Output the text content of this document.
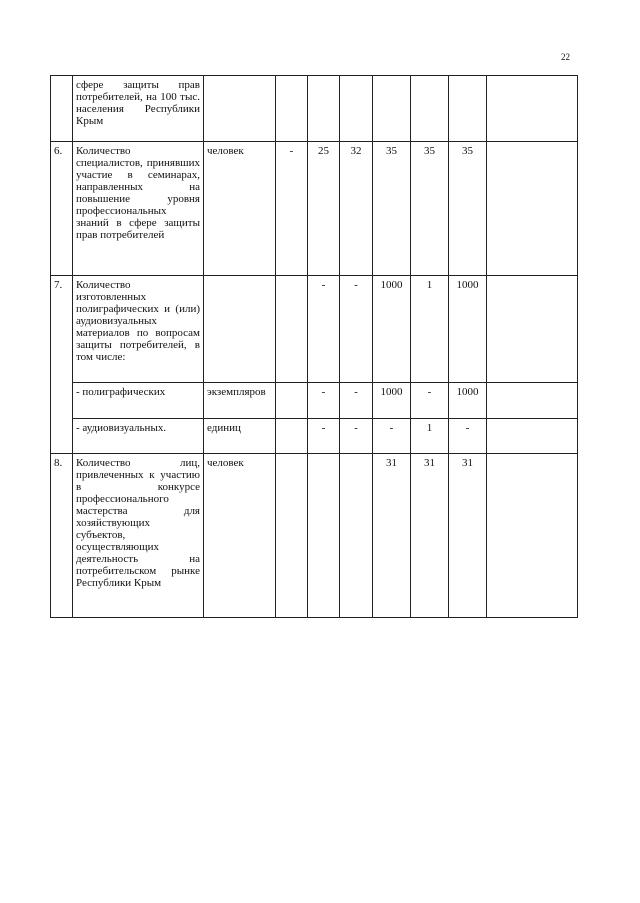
22
	сфере защиты прав потребителей, на 100 тыс. населения Республики Крым								
6.	Количество специалистов, принявших участие в семинарах, направленных на повышение уровня профессиональных знаний в сфере защиты прав потребителей	человек	-	25	32	35	35	35	
7.	Количество изготовленных полиграфических и (или) аудиовизуальных материалов по вопросам защиты потребителей, в том числе:			-	-	1000	1	1000	
	- полиграфических	экземпляров		-	-	1000	-	1000	
	- аудиовизуальных.	единиц		-	-	-	1	-	
8.	Количество лиц, привлеченных к участию в конкурсе профессионального мастерства для хозяйствующих субъектов, осуществляющих деятельность на потребительском рынке Республики Крым	человек				31	31	31	
